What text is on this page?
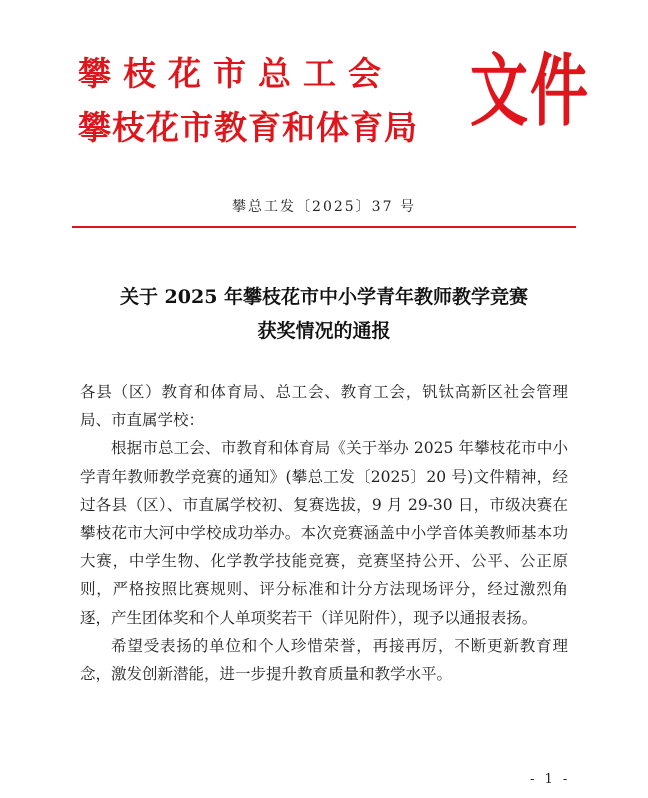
攀枝花市总工会
攀枝花市教育和体育局 文件
攀总工发〔2025〕37 号
关于 2025 年攀枝花市中小学青年教师教学竞赛
获奖情况的通报

各县（区）教育和体育局、总工会、教育工会，钒钛高新区社会管理局、市直属学校：

根据市总工会、市教育和体育局《关于举办 2025 年攀枝花市中小学青年教师教学竞赛的通知》(攀总工发〔2025〕20 号)文件精神，经过各县（区）、市直属学校初、复赛选拔，9 月 29-30 日，市级决赛在攀枝花市大河中学校成功举办。本次竞赛涵盖中小学音体美教师基本功大赛，中学生物、化学教学技能竞赛，竞赛坚持公开、公平、公正原则，严格按照比赛规则、评分标准和计分方法现场评分，经过激烈角逐，产生团体奖和个人单项奖若干（详见附件），现予以通报表扬。

希望受表扬的单位和个人珍惜荣誉，再接再厉，不断更新教育理念，激发创新潜能，进一步提升教育质量和教学水平。

- 1 -
